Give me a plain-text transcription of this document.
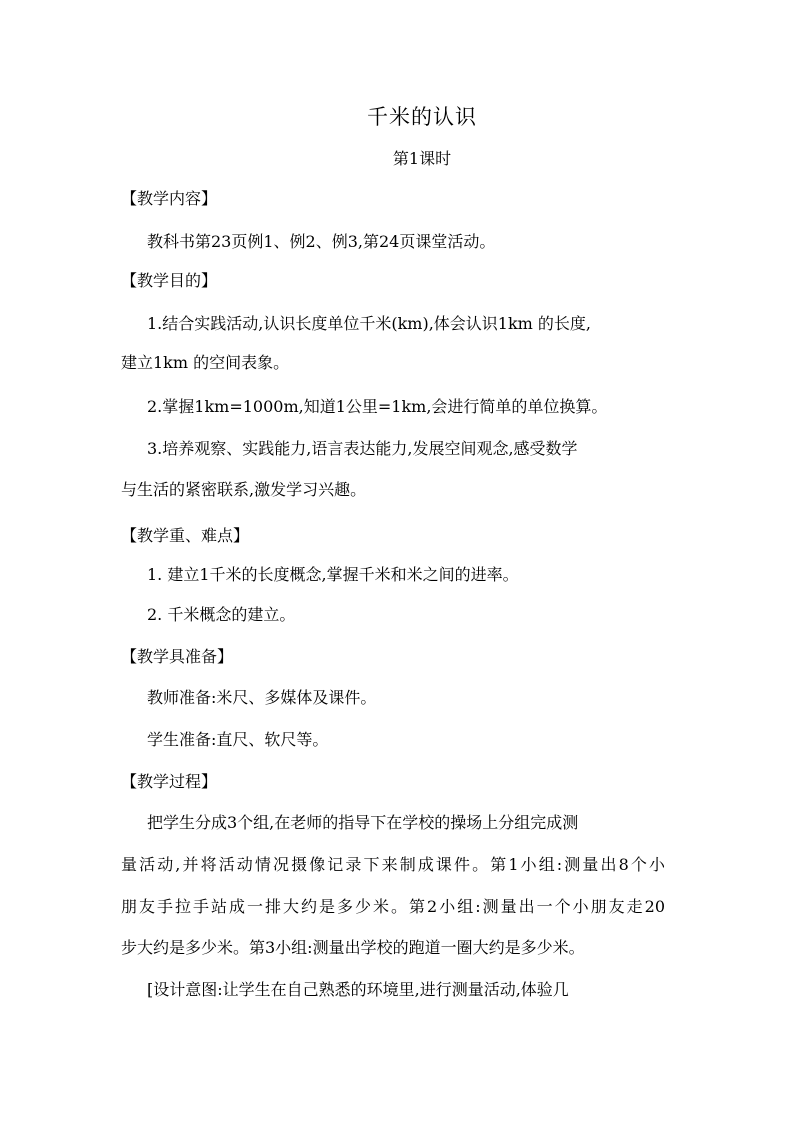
千米的认识
第1课时
【教学内容】
教科书第23页例1、例2、例3,第24页课堂活动。
【教学目的】
1.结合实践活动,认识长度单位千米(km),体会认识1km 的长度,
建立1km 的空间表象。
2.掌握1km=1000m,知道1公里=1km,会进行简单的单位换算。
3.培养观察、实践能力,语言表达能力,发展空间观念,感受数学
与生活的紧密联系,激发学习兴趣。
【教学重、难点】
1. 建立1千米的长度概念,掌握千米和米之间的进率。
2. 千米概念的建立。
【教学具准备】
教师准备:米尺、多媒体及课件。
学生准备:直尺、软尺等。
【教学过程】
把学生分成3个组,在老师的指导下在学校的操场上分组完成测
量活动,并将活动情况摄像记录下来制成课件。第1小组:测量出8个小
朋友手拉手站成一排大约是多少米。第2小组:测量出一个小朋友走20
步大约是多少米。第3小组:测量出学校的跑道一圈大约是多少米。
[设计意图:让学生在自己熟悉的环境里,进行测量活动,体验几
